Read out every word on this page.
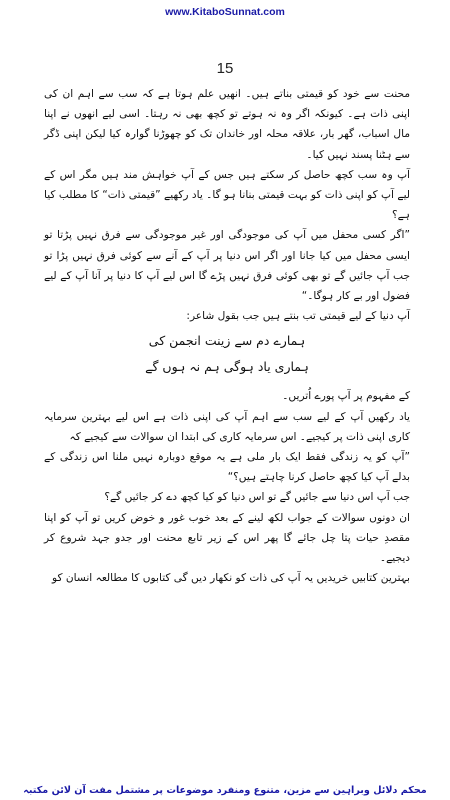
www.KitaboSunnat.com
15

محنت سے خود کو قیمتی بناتے ہیں۔ انھیں علم ہوتا ہے کہ سب سے اہم ان کی اپنی ذات ہے۔ کیونکہ اگر وہ نہ ہوتے تو کچھ بھی نہ رہتا۔ اسی لیے انھوں نے اپنا مال اسباب، گھر بار، علاقہ محلہ اور خاندان تک کو چھوڑنا گوارہ کیا لیکن اپنی ڈگر سے ہٹنا پسند نہیں کیا۔

آپ وہ سب کچھ حاصل کر سکتے ہیں جس کے آپ خواہش مند ہیں مگر اس کے لیے آپ کو اپنی ذات کو بہت قیمتی بنانا ہو گا۔ یاد رکھیے ”قیمتی ذات“ کا مطلب کیا ہے؟

”اگر کسی محفل میں آپ کی موجودگی اور غیر موجودگی سے فرق نہیں پڑتا تو ایسی محفل میں کیا جانا اور اگر اس دنیا پر آپ کے آنے سے کوئی فرق نہیں پڑا تو جب آپ جائیں گے تو بھی کوئی فرق نہیں پڑے گا اس لیے آپ کا دنیا پر آنا آپ کے لیے فضول اور بے کار ہوگا۔“

آپ دنیا کے لیے قیمتی تب بنتے ہیں جب بقول شاعر:

ہمارے دم سے زینت انجمن کی
ہماری یاد ہوگی ہم نہ ہوں گے

کے مفہوم پر آپ پورے اُتریں۔

یاد رکھیں آپ کے لیے سب سے اہم آپ کی اپنی ذات ہے اس لیے بہترین سرمایہ کاری اپنی ذات پر کیجیے۔ اس سرمایہ کاری کی ابتدا ان سوالات سے کیجیے کہ

”آپ کو یہ زندگی فقط ایک بار ملی ہے یہ موقع دوبارہ نہیں ملنا اس زندگی کے بدلے آپ کیا کچھ حاصل کرنا چاہتے ہیں؟“

جب آپ اس دنیا سے جائیں گے تو اس دنیا کو کیا کچھ دے کر جائیں گے؟

ان دونوں سوالات کے جواب لکھ لینے کے بعد خوب غور و خوض کریں تو آپ کو اپنا مقصدِ حیات پتا چل جائے گا پھر اس کے زیر تابع محنت اور جدو جہد شروع کر دیجیے۔

بہترین کتابیں خریدیں یہ آپ کی ذات کو نکھار دیں گی کتابوں کا مطالعہ انسان کو

محکم دلائل وبراہین سے مزین، متنوع ومنفرد موضوعات پر مشتمل مفت آن لائن مکتبہ
